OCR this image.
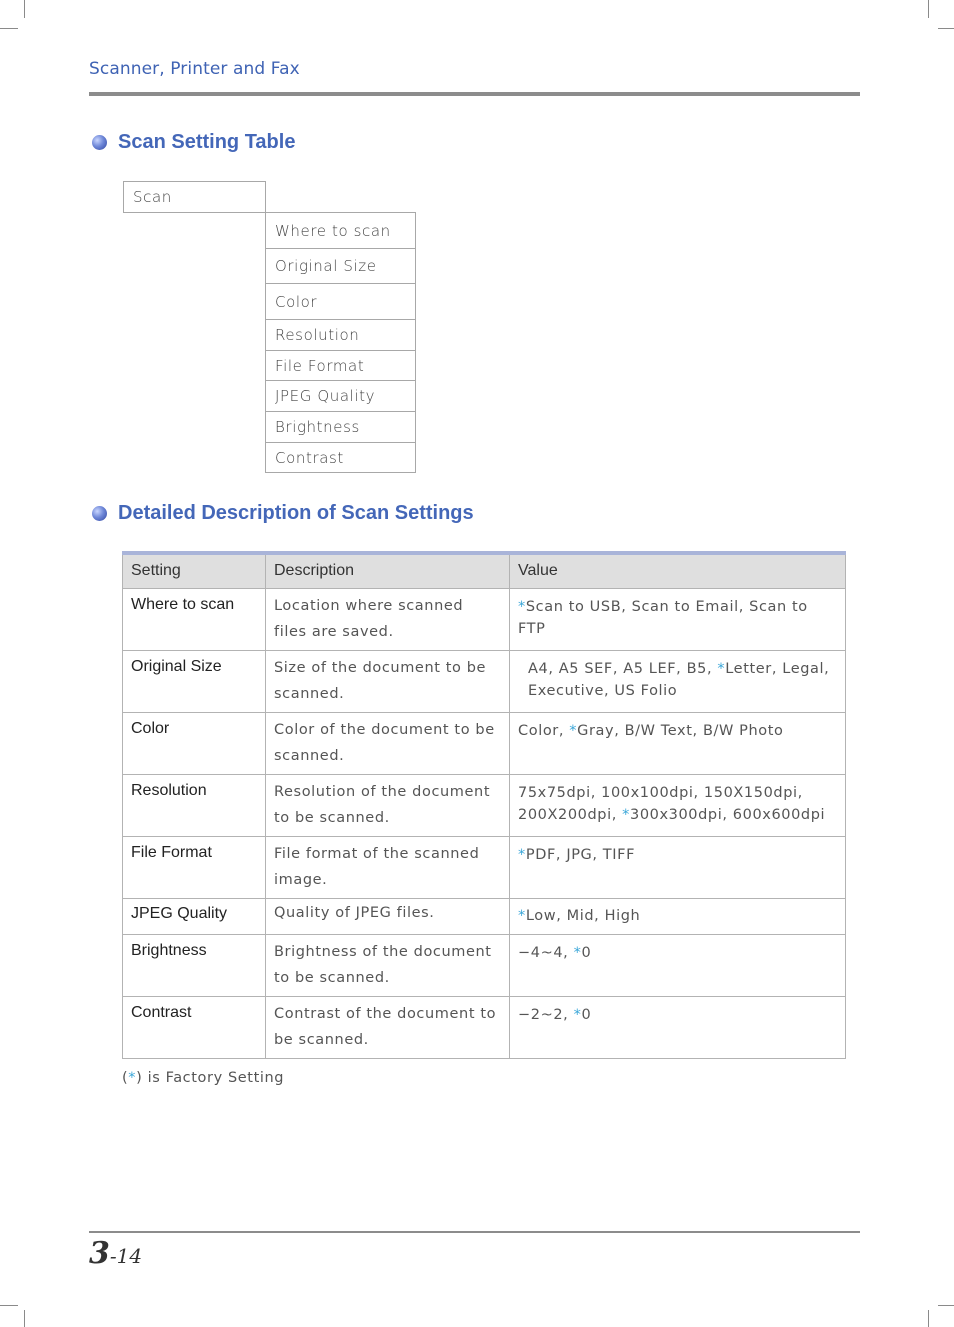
Scanner, Printer and Fax
Scan Setting Table
Scan
Where to scan
Original Size
Color
Resolution
File Format
JPEG Quality
Brightness
Contrast
Detailed Description of Scan Settings
Setting	Description	Value
Where to scan	Location where scanned files are saved.	*Scan to USB, Scan to Email, Scan to FTP
Original Size	Size of the document to be scanned.	A4, A5 SEF, A5 LEF, B5, *Letter, Legal, Executive, US Folio
Color	Color of the document to be scanned.	Color, *Gray, B/W Text, B/W Photo
Resolution	Resolution of the document to be scanned.	75x75dpi, 100x100dpi, 150X150dpi, 200X200dpi, *300x300dpi, 600x600dpi
File Format	File format of the scanned image.	*PDF, JPG, TIFF
JPEG Quality	Quality of JPEG files.	*Low, Mid, High
Brightness	Brightness of the document to be scanned.	−4~4, *0
Contrast	Contrast of the document to be scanned.	−2~2, *0
(*) is Factory Setting
3-14
